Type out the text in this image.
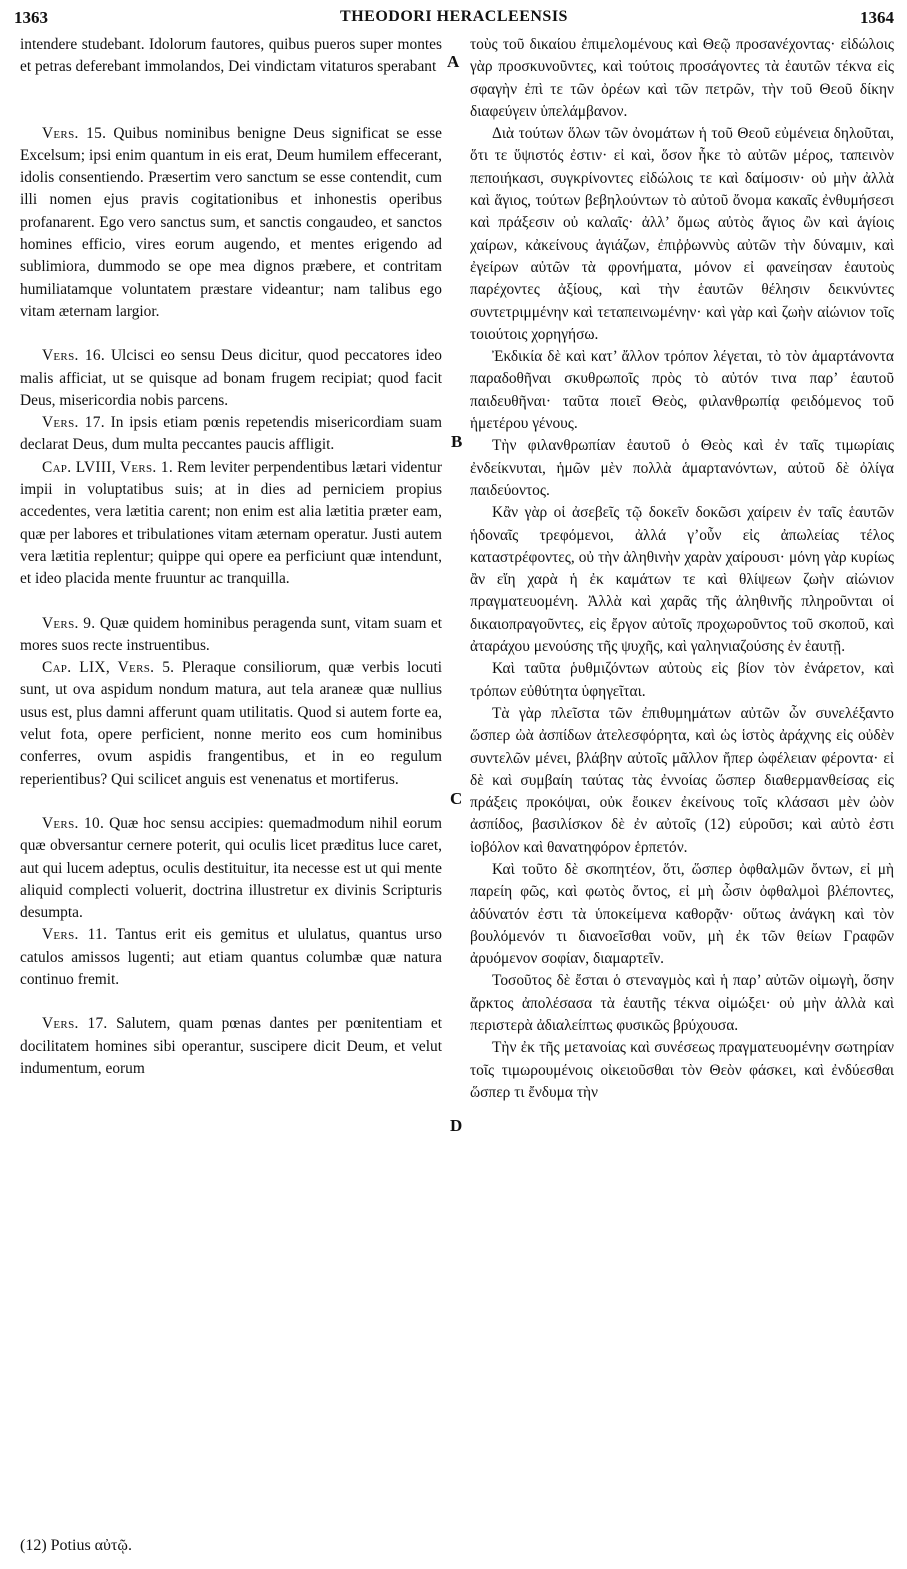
1363	THEODORI HERACLEENSIS	1364
A
B
C
D

intendere studebant. Idolorum fautores, quibus pueros super montes et petras deferebant immolandos, Dei vindictam vitaturos sperabant

Vers. 15. Quibus nominibus benigne Deus significat se esse Excelsum; ipsi enim quantum in eis erat, Deum humilem effecerant, idolis consentiendo. Præsertim vero sanctum se esse contendit, cum illi nomen ejus pravis cogitationibus et inhonestis operibus profanarent. Ego vero sanctus sum, et sanctis congaudeo, et sanctos homines efficio, vires eorum augendo, et mentes erigendo ad sublimiora, dummodo se ope mea dignos præbere, et contritam humiliatamque voluntatem præstare videantur; nam talibus ego vitam æternam largior.

Vers. 16. Ulcisci eo sensu Deus dicitur, quod peccatores ideo malis afficiat, ut se quisque ad bonam frugem recipiat; quod facit Deus, misericordia nobis parcens.

Vers. 17. In ipsis etiam pœnis repetendis misericordiam suam declarat Deus, dum multa peccantes paucis affligit.

Cap. LVIII, Vers. 1. Rem leviter perpendentibus lætari videntur impii in voluptatibus suis; at in dies ad perniciem propius accedentes, vera lætitia carent; non enim est alia lætitia præter eam, quæ per labores et tribulationes vitam æternam operatur. Justi autem vera lætitia replentur; quippe qui opere ea perficiunt quæ intendunt, et ideo placida mente fruuntur ac tranquilla.

Vers. 9. Quæ quidem hominibus peragenda sunt, vitam suam et mores suos recte instruentibus.

Cap. LIX, Vers. 5. Pleraque consiliorum, quæ verbis locuti sunt, ut ova aspidum nondum matura, aut tela araneæ quæ nullius usus est, plus damni afferunt quam utilitatis. Quod si autem forte ea, velut fota, opere perficient, nonne merito eos cum hominibus conferres, ovum aspidis frangentibus, et in eo regulum reperientibus? Qui scilicet anguis est venenatus et mortiferus.

Vers. 10. Quæ hoc sensu accipies: quemadmodum nihil eorum quæ obversantur cernere poterit, qui oculis licet præditus luce caret, aut qui lucem adeptus, oculis destituitur, ita necesse est ut qui mente aliquid complecti voluerit, doctrina illustretur ex divinis Scripturis desumpta.

Vers. 11. Tantus erit eis gemitus et ululatus, quantus urso catulos amissos lugenti; aut etiam quantus columbæ quæ natura continuo fremit.

Vers. 17. Salutem, quam pœnas dantes per pœnitentiam et docilitatem homines sibi operantur, suscipere dicit Deum, et velut indumentum, eorum

τοὺς τοῦ δικαίου ἐπιμελομένους καὶ Θεῷ προσανέχοντας· εἰδώλοις γὰρ προσκυνοῦντες, καὶ τούτοις προσάγοντες τὰ ἑαυτῶν τέκνα εἰς σφαγὴν ἐπὶ τε τῶν ὀρέων καὶ τῶν πετρῶν, τὴν τοῦ Θεοῦ δίκην διαφεύγειν ὑπελάμβανον.

Διὰ τούτων ὅλων τῶν ὀνομάτων ἡ τοῦ Θεοῦ εὐμένεια δηλοῦται, ὅτι τε ὕψιστός ἐστιν· εἰ καὶ, ὅσον ἧκε τὸ αὐτῶν μέρος, ταπεινὸν πεποιήκασι, συγκρίνοντες εἰδώλοις τε καὶ δαίμοσιν· οὐ μὴν ἀλλὰ καὶ ἅγιος, τούτων βεβηλούντων τὸ αὐτοῦ ὄνομα κακαῖς ἐνθυμήσεσι καὶ πράξεσιν οὐ καλαῖς· ἀλλ’ ὅμως αὐτὸς ἅγιος ὢν καὶ ἁγίοις χαίρων, κἀκείνους ἁγιάζων, ἐπιῤῥωννὺς αὐτῶν τὴν δύναμιν, καὶ ἐγείρων αὐτῶν τὰ φρονήματα, μόνον εἰ φανείησαν ἑαυτοὺς παρέχοντες ἀξίους, καὶ τὴν ἑαυτῶν θέλησιν δεικνύντες συντετριμμένην καὶ τεταπεινωμένην· καὶ γὰρ καὶ ζωὴν αἰώνιον τοῖς τοιούτοις χορηγήσω.

Ἐκδικία δὲ καὶ κατ’ ἄλλον τρόπον λέγεται, τὸ τὸν ἁμαρτάνοντα παραδοθῆναι σκυθρωποῖς πρὸς τὸ αὐτόν τινα παρ’ ἑαυτοῦ παιδευθῆναι· ταῦτα ποιεῖ Θεὸς, φιλανθρωπίᾳ φειδόμενος τοῦ ἡμετέρου γένους.

Τὴν φιλανθρωπίαν ἑαυτοῦ ὁ Θεὸς καὶ ἐν ταῖς τιμωρίαις ἐνδείκνυται, ἡμῶν μὲν πολλὰ ἁμαρτανόντων, αὐτοῦ δὲ ὀλίγα παιδεύοντος.

Κἂν γὰρ οἱ ἀσεβεῖς τῷ δοκεῖν δοκῶσι χαίρειν ἐν ταῖς ἑαυτῶν ἡδοναῖς τρεφόμενοι, ἀλλά γ’οὖν εἰς ἀπωλείας τέλος καταστρέφοντες, οὐ τὴν ἀληθινὴν χαρὰν χαίρουσι· μόνη γὰρ κυρίως ἂν εἴη χαρὰ ἡ ἐκ καμάτων τε καὶ θλίψεων ζωὴν αἰώνιον πραγματευομένη. Ἀλλὰ καὶ χαρᾶς τῆς ἀληθινῆς πληροῦνται οἱ δικαιοπραγοῦντες, εἰς ἔργον αὐτοῖς προχωροῦντος τοῦ σκοποῦ, καὶ ἀταράχου μενούσης τῆς ψυχῆς, καὶ γαληνιαζούσης ἐν ἑαυτῇ.

Καὶ ταῦτα ῥυθμιζόντων αὐτοὺς εἰς βίον τὸν ἐνάρετον, καὶ τρόπων εὐθύτητα ὑφηγεῖται.

Τὰ γὰρ πλεῖστα τῶν ἐπιθυμημάτων αὐτῶν ὧν συνελέξαντο ὥσπερ ὠὰ ἀσπίδων ἀτελεσφόρητα, καὶ ὡς ἱστὸς ἀράχνης εἰς οὐδὲν συντελῶν μένει, βλάβην αὐτοῖς μᾶλλον ἤπερ ὠφέλειαν φέροντα· εἰ δὲ καὶ συμβαίη ταύτας τὰς ἐννοίας ὥσπερ διαθερμανθείσας εἰς πράξεις προκόψαι, οὐκ ἔοικεν ἐκείνους τοῖς κλάσασι μὲν ὠὸν ἀσπίδος, βασιλίσκον δὲ ἐν αὐτοῖς (12) εὑροῦσι; καὶ αὐτὸ ἐστι ἰοβόλον καὶ θανατηφόρον ἑρπετόν.

Καὶ τοῦτο δὲ σκοπητέον, ὅτι, ὥσπερ ὀφθαλμῶν ὄντων, εἰ μὴ παρείη φῶς, καὶ φωτὸς ὄντος, εἰ μὴ ὦσιν ὀφθαλμοὶ βλέποντες, ἀδύνατόν ἐστι τὰ ὑποκείμενα καθορᾷν· οὕτως ἀνάγκη καὶ τὸν βουλόμενόν τι διανοεῖσθαι νοῦν, μὴ ἐκ τῶν θείων Γραφῶν ἀρυόμενον σοφίαν, διαμαρτεῖν.

Τοσοῦτος δὲ ἔσται ὁ στεναγμὸς καὶ ἡ παρ’ αὐτῶν οἰμωγὴ, ὅσην ἄρκτος ἀπολέσασα τὰ ἑαυτῆς τέκνα οἰμώξει· οὐ μὴν ἀλλὰ καὶ περιστερὰ ἀδιαλείπτως φυσικῶς βρύχουσα.

Τὴν ἐκ τῆς μετανοίας καὶ συνέσεως πραγματευομένην σωτηρίαν τοῖς τιμωρουμένοις οἰκειοῦσθαι τὸν Θεὸν φάσκει, καὶ ἐνδύεσθαι ὥσπερ τι ἔνδυμα τὴν

(12) Potius αὐτῷ.
